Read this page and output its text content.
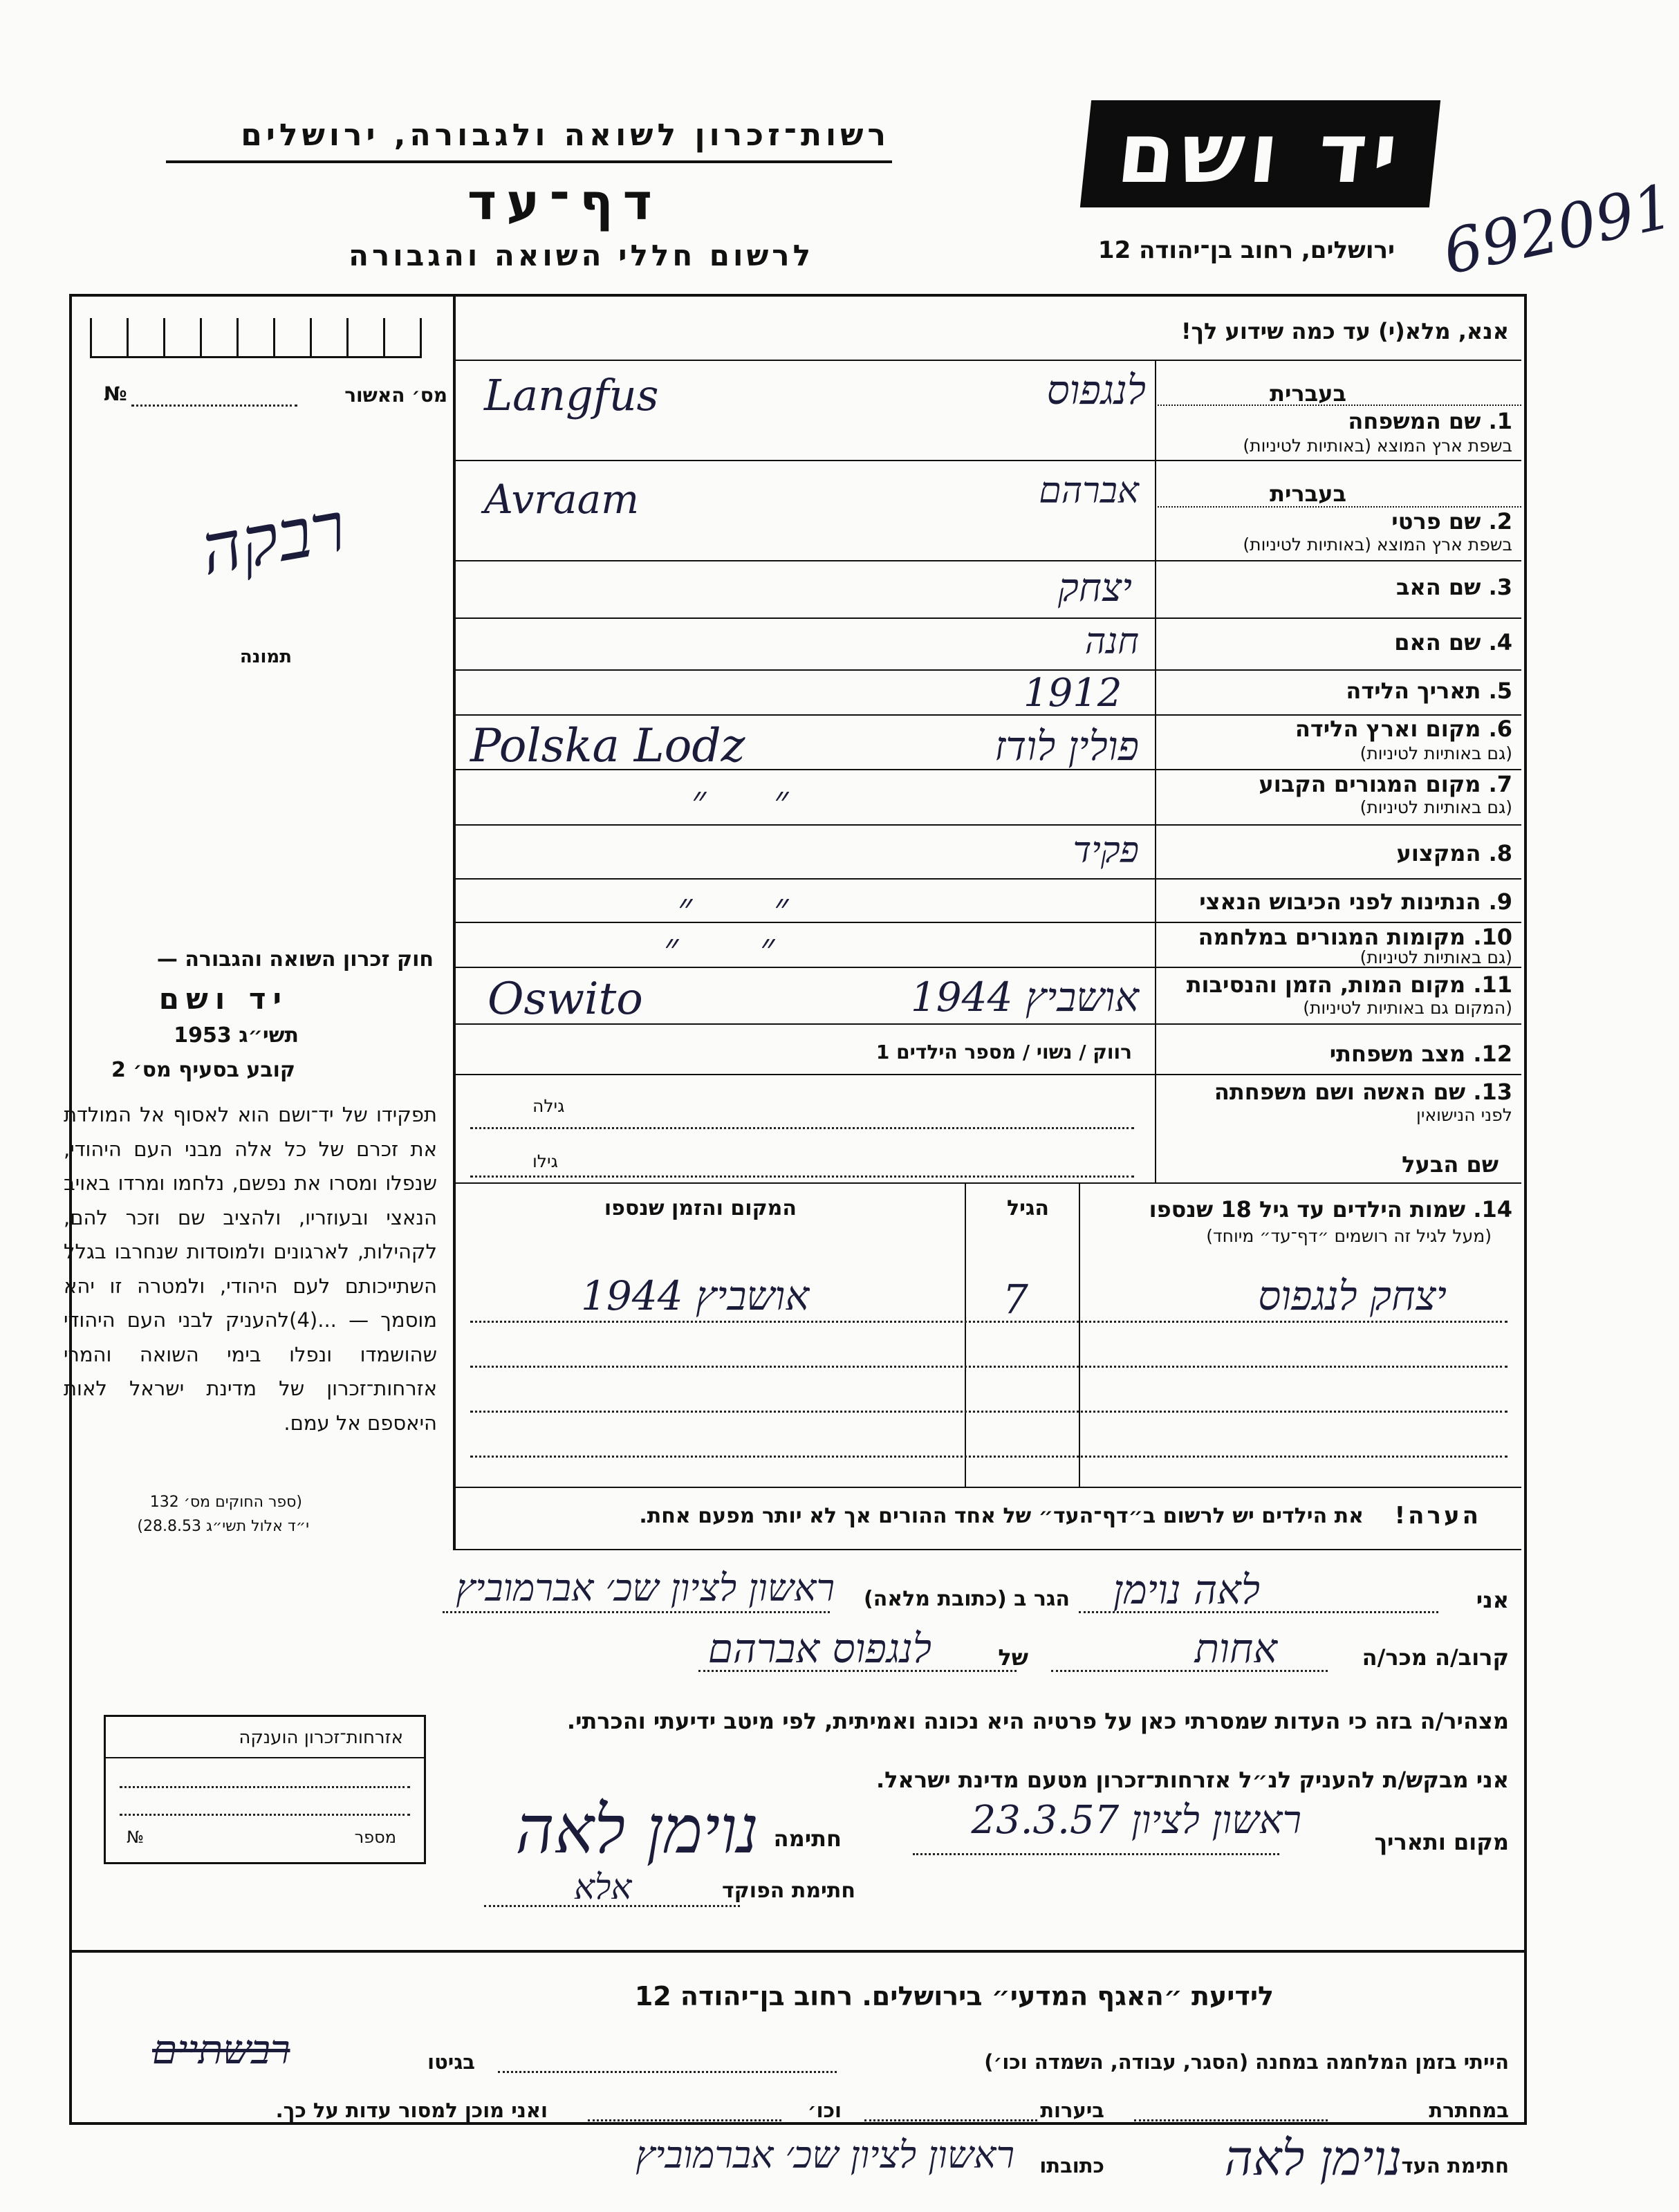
רשות־זכרון לשואה ולגבורה, ירושלים
דף־עד
לרשום חללי השואה והגבורה
יד ושם
ירושלים, רחוב בן־יהודה 12 692091
אנא, מלא(י) עד כמה שידוע לך!
בעברית
1. שם המשפחה
בשפת ארץ המוצא (באותיות לטיניות)
לנגפוס
Langfus
בעברית
2. שם פרטי
בשפת ארץ המוצא (באותיות לטיניות)
אברהם
Avraam
3. שם האב
יצחק
4. שם האם
חנה
5. תאריך הלידה
1912
6. מקום וארץ הלידה
(גם באותיות לטיניות)
פולין לודז
Polska Lodz
7. מקום המגורים הקבוע
(גם באותיות לטיניות)
״ ״
8. המקצוע
פקיד
9. הנתינות לפני הכיבוש הנאצי
״ ״
10. מקומות המגורים במלחמה
(גם באותיות לטיניות)
״ ״
11. מקום המות, הזמן והנסיבות
(המקום גם באותיות לטיניות)
אושביץ 1944
Oswito
12. מצב משפחתי
רווק / נשוי / מספר הילדים 1
13. שם האשה ושם משפחתה
לפני הנישואין
גילה
שם הבעל
גילו
14. שמות הילדים עד גיל 18 שנספו
(מעל לגיל זה רושמים ״דף־עד״ מיוחד)
הגיל
המקום והזמן שנספו
יצחק לנגפוס
7
אושביץ 1944
הערה!
את הילדים יש לרשום ב״דף־העד״ של אחד ההורים אך לא יותר מפעם אחת.
מס׳ האשור
№
רבקה
תמונה
חוק זכרון השואה והגבורה —
יד ושם
תשי״ג 1953
קובע בסעיף מס׳ 2
תפקידו של יד־ושם הוא לאסוף אל המולדת את זכרם של כל אלה מבני העם היהודי, שנפלו ומסרו את נפשם, נלחמו ומרדו באויב הנאצי ובעוזריו, ולהציב שם וזכר להם, לקהילות, לארגונים ולמוסדות שנחרבו בגלל השתייכותם לעם היהודי, ולמטרה זו יהא מוסמך — ...(4)להעניק לבני העם היהודי שהושמדו ונפלו בימי השואה והמרי אזרחות־זכרון של מדינת ישראל לאות היאספם אל עמם.
(ספר החוקים מס׳ 132
י״ד אלול תשי״ג 28.8.53)
אזרחות־זכרון הוענקה
מספר
№
אני
לאה נוימן
הגר ב (כתובת מלאה)
ראשון לציון שכ׳ אברמוביץ
קרוב/ה מכר/ה
אחות
של
לנגפוס אברהם
מצהיר/ה בזה כי העדות שמסרתי כאן על פרטיה היא נכונה ואמיתית, לפי מיטב ידיעתי והכרתי.
אני מבקש/ת להעניק לנ״ל אזרחות־זכרון מטעם מדינת ישראל.
מקום ותאריך
ראשון לציון 23.3.57
חתימה
נוימן לאה
חתימת הפוקד
אלא
לידיעת ״האגף המדעי״ בירושלים. רחוב בן־יהודה 12
הייתי בזמן המלחמה במחנה (הסגר, עבודה, השמדה וכו׳)
בגיטו
רבשתיים
במחתרת
ביערות
וכו׳
ואני מוכן למסור עדות על כך.
חתימת העד
נוימן לאה
כתובתו
ראשון לציון שכ׳ אברמוביץ
